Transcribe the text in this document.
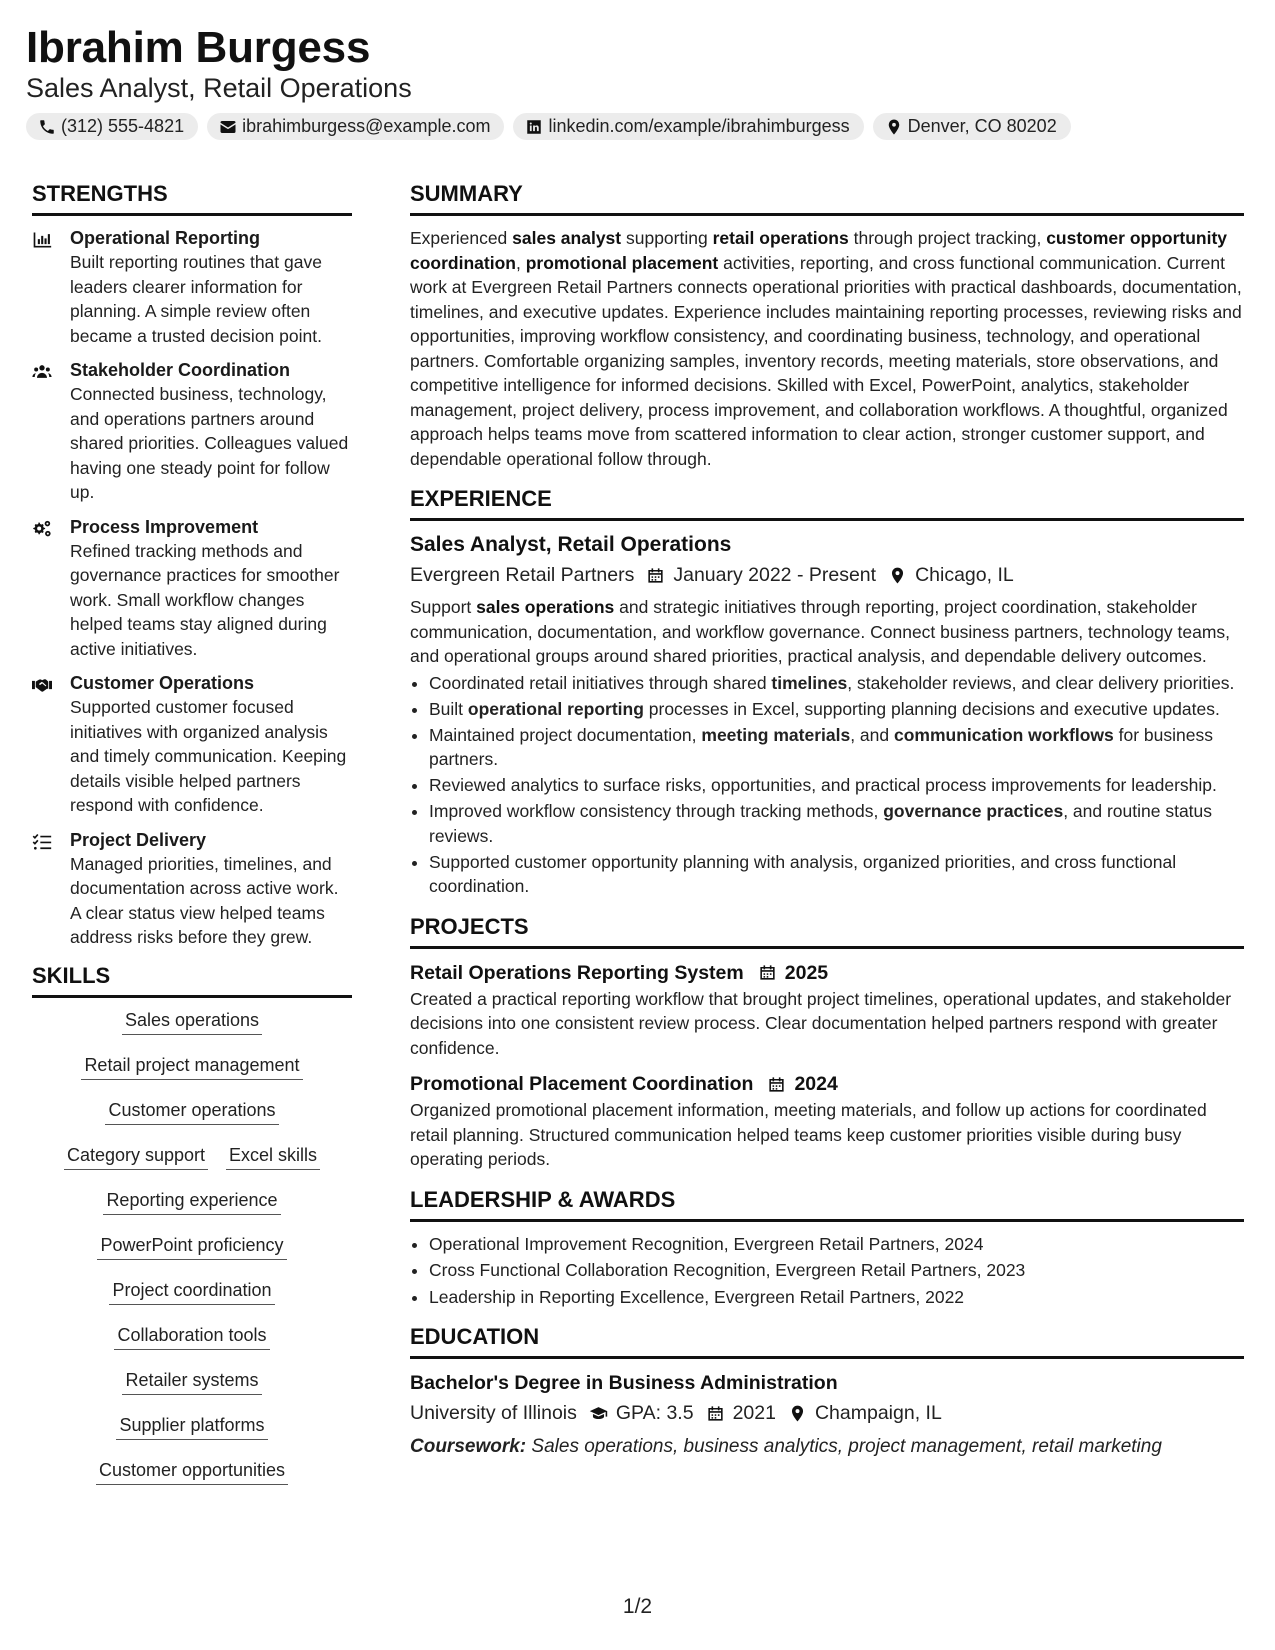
Ibrahim Burgess
Sales Analyst, Retail Operations
(312) 555-4821	ibrahimburgess@example.com	linkedin.com/example/ibrahimburgess	Denver, CO 80202
STRENGTHS
Operational Reporting
Built reporting routines that gave leaders clearer information for planning. A simple review often became a trusted decision point.
Stakeholder Coordination
Connected business, technology, and operations partners around shared priorities. Colleagues valued having one steady point for follow up.
Process Improvement
Refined tracking methods and governance practices for smoother work. Small workflow changes helped teams stay aligned during active initiatives.
Customer Operations
Supported customer focused initiatives with organized analysis and timely communication. Keeping details visible helped partners respond with confidence.
Project Delivery
Managed priorities, timelines, and documentation across active work. A clear status view helped teams address risks before they grew.
SKILLS
Sales operations
Retail project management
Customer operations
Category support Excel skills
Reporting experience
PowerPoint proficiency
Project coordination
Collaboration tools
Retailer systems
Supplier platforms
Customer opportunities
SUMMARY
Experienced sales analyst supporting retail operations through project tracking, customer opportunity coordination, promotional placement activities, reporting, and cross functional communication. Current work at Evergreen Retail Partners connects operational priorities with practical dashboards, documentation, timelines, and executive updates. Experience includes maintaining reporting processes, reviewing risks and opportunities, improving workflow consistency, and coordinating business, technology, and operational partners. Comfortable organizing samples, inventory records, meeting materials, store observations, and competitive intelligence for informed decisions. Skilled with Excel, PowerPoint, analytics, stakeholder management, project delivery, process improvement, and collaboration workflows. A thoughtful, organized approach helps teams move from scattered information to clear action, stronger customer support, and dependable operational follow through.
EXPERIENCE
Sales Analyst, Retail Operations
Evergreen Retail Partners January 2022 - Present Chicago, IL
Support sales operations and strategic initiatives through reporting, project coordination, stakeholder communication, documentation, and workflow governance. Connect business partners, technology teams, and operational groups around shared priorities, practical analysis, and dependable delivery outcomes.
• Coordinated retail initiatives through shared timelines, stakeholder reviews, and clear delivery priorities.
• Built operational reporting processes in Excel, supporting planning decisions and executive updates.
• Maintained project documentation, meeting materials, and communication workflows for business partners.
• Reviewed analytics to surface risks, opportunities, and practical process improvements for leadership.
• Improved workflow consistency through tracking methods, governance practices, and routine status reviews.
• Supported customer opportunity planning with analysis, organized priorities, and cross functional coordination.
PROJECTS
Retail Operations Reporting System 2025
Created a practical reporting workflow that brought project timelines, operational updates, and stakeholder decisions into one consistent review process. Clear documentation helped partners respond with greater confidence.
Promotional Placement Coordination 2024
Organized promotional placement information, meeting materials, and follow up actions for coordinated retail planning. Structured communication helped teams keep customer priorities visible during busy operating periods.
LEADERSHIP & AWARDS
• Operational Improvement Recognition, Evergreen Retail Partners, 2024
• Cross Functional Collaboration Recognition, Evergreen Retail Partners, 2023
• Leadership in Reporting Excellence, Evergreen Retail Partners, 2022
EDUCATION
Bachelor's Degree in Business Administration
University of Illinois GPA: 3.5 2021 Champaign, IL
Coursework: Sales operations, business analytics, project management, retail marketing
1/2
